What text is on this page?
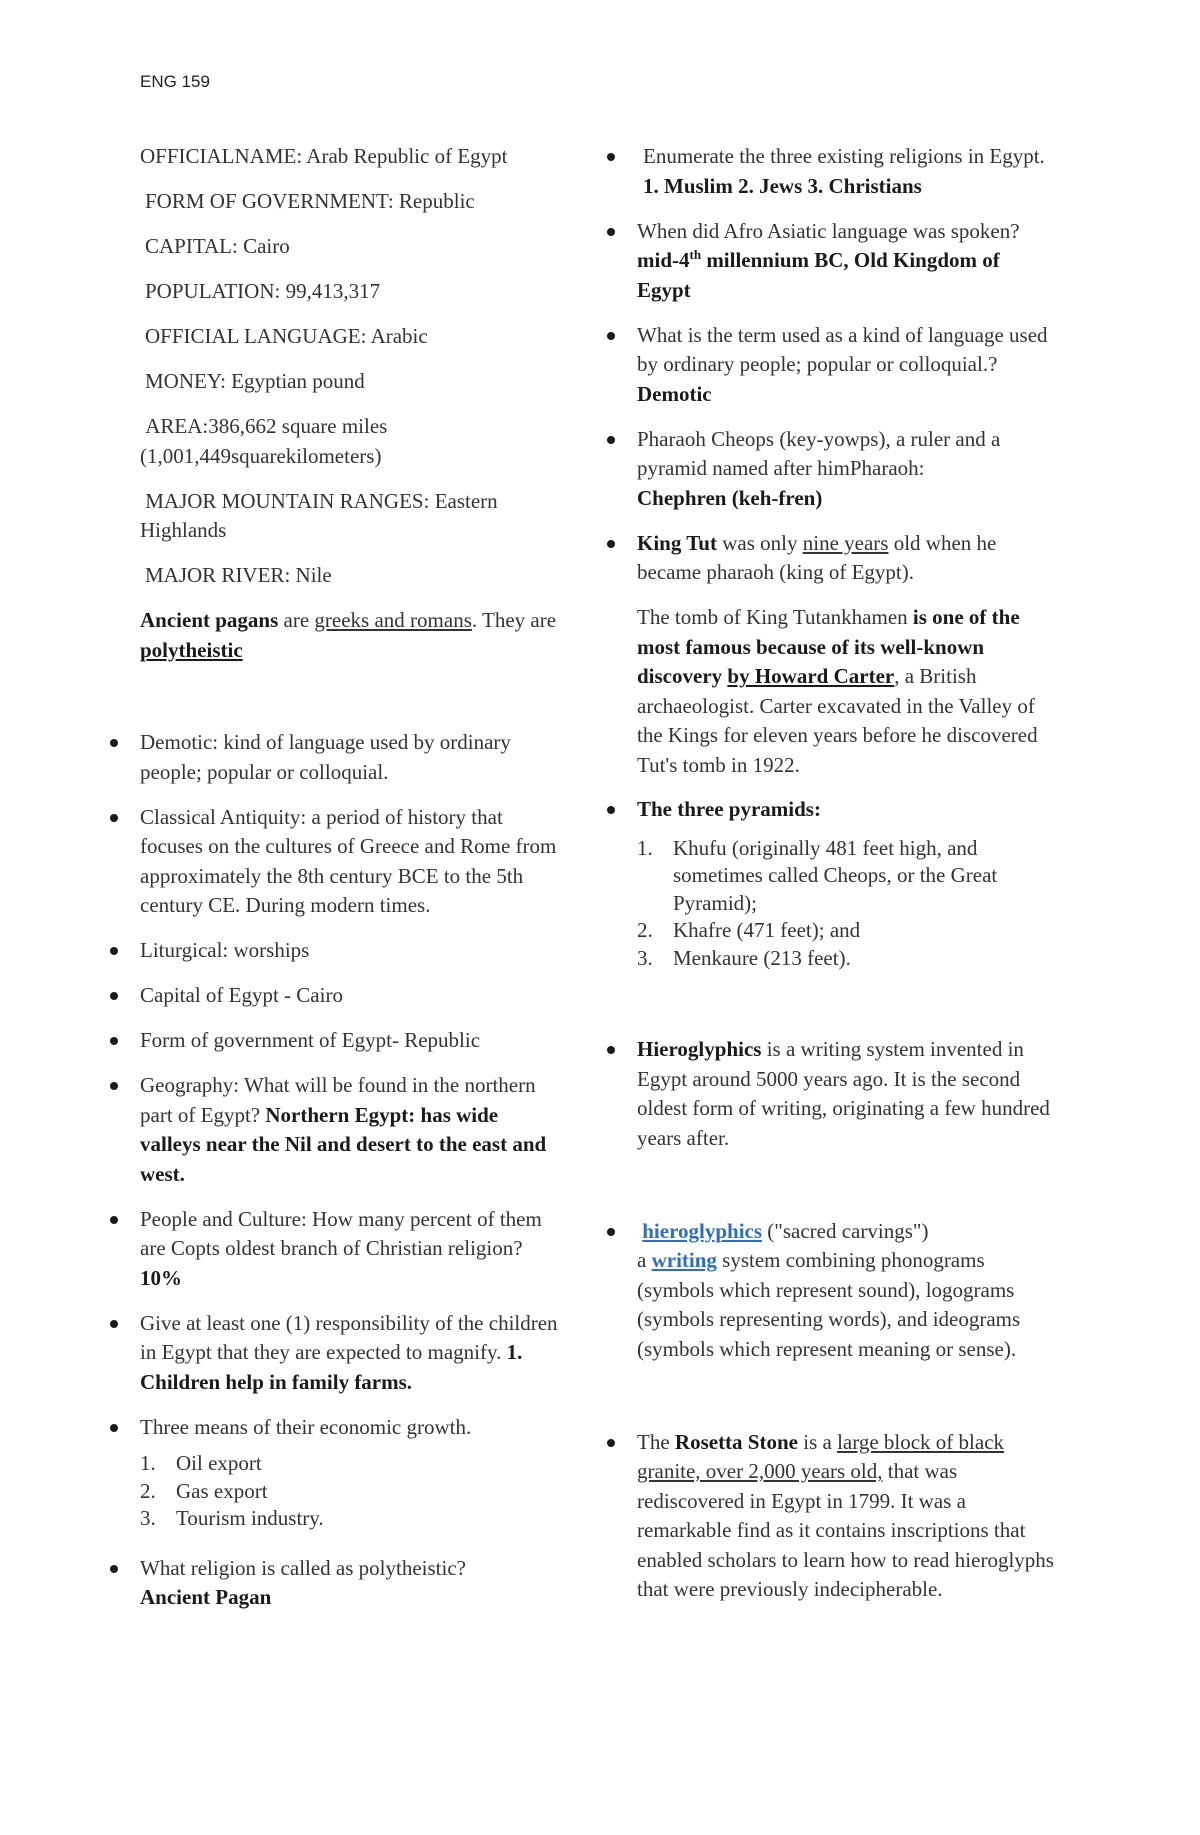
ENG 159
OFFICIALNAME: Arab Republic of Egypt
FORM OF GOVERNMENT: Republic
CAPITAL: Cairo
POPULATION: 99,413,317
OFFICIAL LANGUAGE: Arabic
MONEY: Egyptian pound
AREA:386,662 square miles (1,001,449squarekilometers)
MAJOR MOUNTAIN RANGES: Eastern Highlands
MAJOR RIVER: Nile

Ancient pagans are greeks and romans. They are polytheistic

Demotic: kind of language used by ordinary people; popular or colloquial.
Classical Antiquity: a period of history that focuses on the cultures of Greece and Rome from approximately the 8th century BCE to the 5th century CE. During modern times.
Liturgical: worships
Capital of Egypt - Cairo
Form of government of Egypt- Republic
Geography: What will be found in the northern part of Egypt? Northern Egypt: has wide valleys near the Nil and desert to the east and west.
People and Culture: How many percent of them are Copts oldest branch of Christian religion? 10%
Give at least one (1) responsibility of the children in Egypt that they are expected to magnify. 1. Children help in family farms.
Three means of their economic growth.
1. Oil export
2. Gas export
3. Tourism industry.
What religion is called as polytheistic?
Ancient Pagan
Enumerate the three existing religions in Egypt. 1. Muslim 2. Jews 3. Christians
When did Afro Asiatic language was spoken? mid-4th millennium BC, Old Kingdom of Egypt
What is the term used as a kind of language used by ordinary people; popular or colloquial.? Demotic
Pharaoh Cheops (key-yowps), a ruler and a pyramid named after himPharaoh:
Chephren (keh-fren)
King Tut was only nine years old when he became pharaoh (king of Egypt).

The tomb of King Tutankhamen is one of the most famous because of its well-known discovery by Howard Carter, a British archaeologist. Carter excavated in the Valley of the Kings for eleven years before he discovered Tut's tomb in 1922.

The three pyramids:
1. Khufu (originally 481 feet high, and sometimes called Cheops, or the Great Pyramid);
2. Khafre (471 feet); and
3. Menkaure (213 feet).
Hieroglyphics is a writing system invented in Egypt around 5000 years ago. It is the second oldest form of writing, originating a few hundred years after.
hieroglyphics ("sacred carvings")
a writing system combining phonograms (symbols which represent sound), logograms (symbols representing words), and ideograms (symbols which represent meaning or sense).
The Rosetta Stone is a large block of black granite, over 2,000 years old, that was rediscovered in Egypt in 1799. It was a remarkable find as it contains inscriptions that enabled scholars to learn how to read hieroglyphs that were previously indecipherable.
